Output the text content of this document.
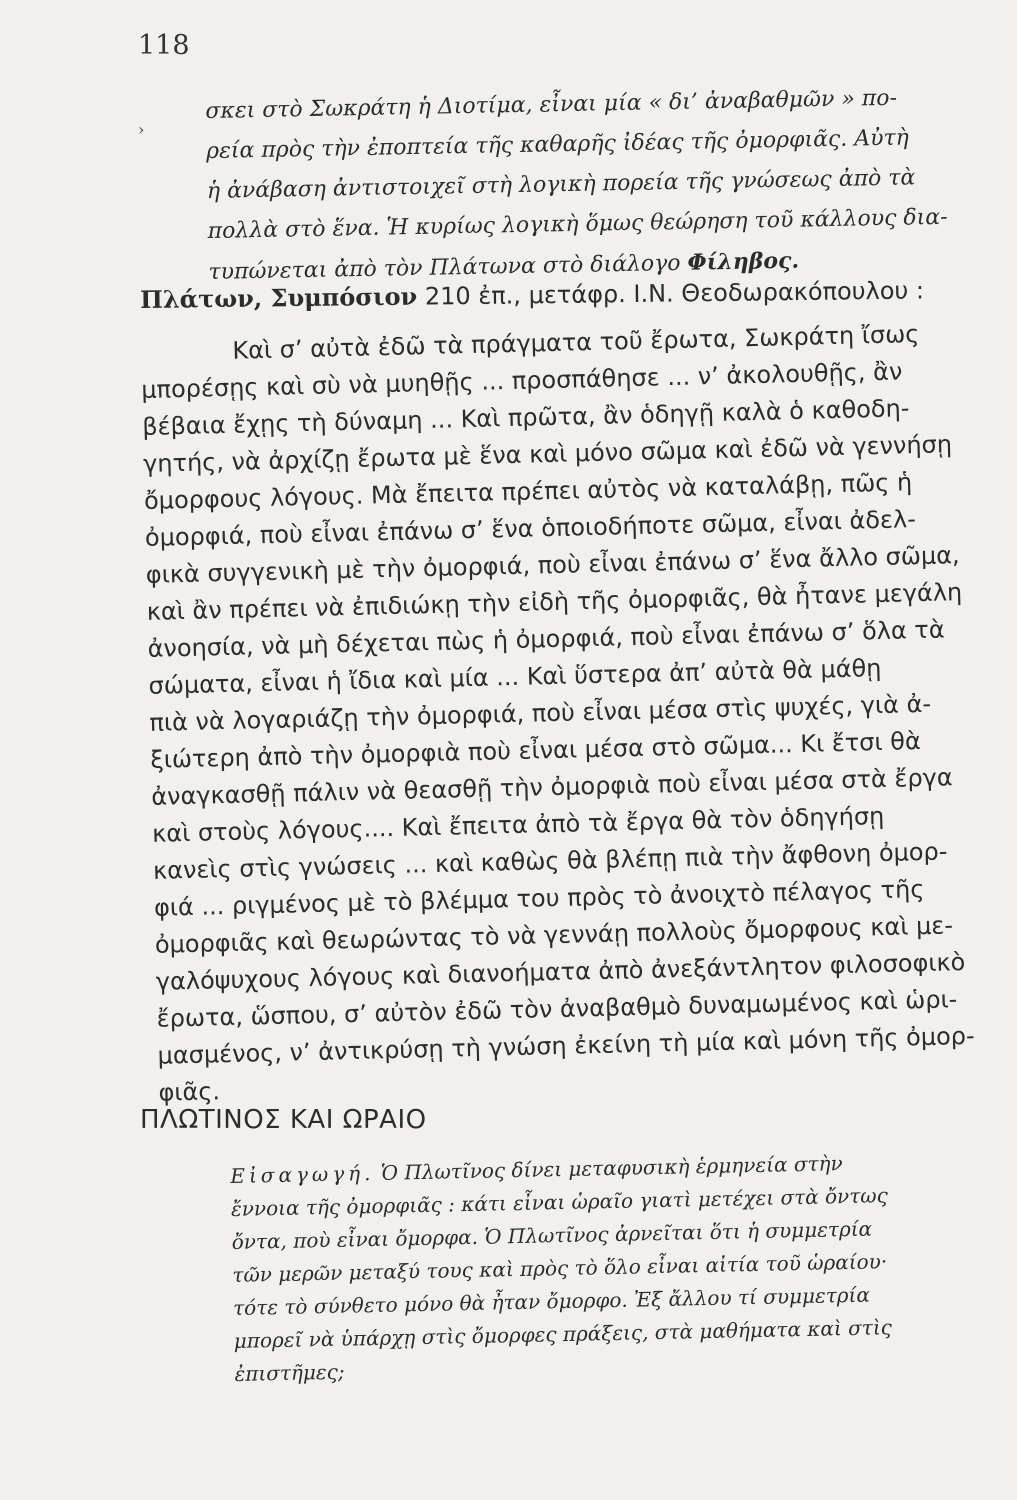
118
›
σκει στὸ Σωκράτη ἡ Διοτίμα, εἶναι μία « δι’ ἀναβαθμῶν » πο-
ρεία πρὸς τὴν ἐποπτεία τῆς καθαρῆς ἰδέας τῆς ὀμορφιᾶς. Αὐτὴ
ἡ ἀνάβαση ἀντιστοιχεῖ στὴ λογικὴ πορεία τῆς γνώσεως ἀπὸ τὰ
πολλὰ στὸ ἕνα. Ἡ κυρίως λογικὴ ὅμως θεώρηση τοῦ κάλλους δια-
τυπώνεται ἀπὸ τὸν Πλάτωνα στὸ διάλογο Φίληβος.
Πλάτων, Συμπόσιον 210 ἐπ., μετάφρ. Ι.Ν. Θεοδωρακόπουλου :
Καὶ σ’ αὐτὰ ἐδῶ τὰ πράγματα τοῦ ἔρωτα, Σωκράτη ἴσως
μπορέσῃς καὶ σὺ νὰ μυηθῇς ... προσπάθησε ... ν’ ἀκολουθῇς, ἂν
βέβαια ἔχῃς τὴ δύναμη ... Καὶ πρῶτα, ἂν ὁδηγῇ καλὰ ὁ καθοδη-
γητής, νὰ ἀρχίζῃ ἔρωτα μὲ ἕνα καὶ μόνο σῶμα καὶ ἐδῶ νὰ γεννήσῃ
ὄμορφους λόγους. Μὰ ἔπειτα πρέπει αὐτὸς νὰ καταλάβῃ, πῶς ἡ
ὀμορφιά, ποὺ εἶναι ἐπάνω σ’ ἕνα ὁποιοδήποτε σῶμα, εἶναι ἀδελ-
φικὰ συγγενικὴ μὲ τὴν ὀμορφιά, ποὺ εἶναι ἐπάνω σ’ ἕνα ἄλλο σῶμα,
καὶ ἂν πρέπει νὰ ἐπιδιώκῃ τὴν εἰδὴ τῆς ὀμορφιᾶς, θὰ ἦτανε μεγάλη
ἀνοησία, νὰ μὴ δέχεται πὼς ἡ ὀμορφιά, ποὺ εἶναι ἐπάνω σ’ ὅλα τὰ
σώματα, εἶναι ἡ ἴδια καὶ μία ... Καὶ ὕστερα ἀπ’ αὐτὰ θὰ μάθῃ
πιὰ νὰ λογαριάζῃ τὴν ὀμορφιά, ποὺ εἶναι μέσα στὶς ψυχές, γιὰ ἀ-
ξιώτερη ἀπὸ τὴν ὀμορφιὰ ποὺ εἶναι μέσα στὸ σῶμα... Κι ἔτσι θὰ
ἀναγκασθῇ πάλιν νὰ θεασθῇ τὴν ὀμορφιὰ ποὺ εἶναι μέσα στὰ ἔργα
καὶ στοὺς λόγους.... Καὶ ἔπειτα ἀπὸ τὰ ἔργα θὰ τὸν ὁδηγήσῃ
κανεὶς στὶς γνώσεις ... καὶ καθὼς θὰ βλέπῃ πιὰ τὴν ἄφθονη ὀμορ-
φιά ... ριγμένος μὲ τὸ βλέμμα του πρὸς τὸ ἀνοιχτὸ πέλαγος τῆς
ὀμορφιᾶς καὶ θεωρώντας τὸ νὰ γεννάῃ πολλοὺς ὄμορφους καὶ με-
γαλόψυχους λόγους καὶ διανοήματα ἀπὸ ἀνεξάντλητον φιλοσοφικὸ
ἔρωτα, ὥσπου, σ’ αὐτὸν ἐδῶ τὸν ἀναβαθμὸ δυναμωμένος καὶ ὡρι-
μασμένος, ν’ ἀντικρύσῃ τὴ γνώση ἐκείνη τὴ μία καὶ μόνη τῆς ὀμορ-
φιᾶς.
ΠΛΩΤΙΝΟΣ ΚΑΙ ΩΡΑΙΟ
Εἰσαγωγή. Ὁ Πλωτῖνος δίνει μεταφυσικὴ ἑρμηνεία στὴν
ἔννοια τῆς ὀμορφιᾶς : κάτι εἶναι ὡραῖο γιατὶ μετέχει στὰ ὄντως
ὄντα, ποὺ εἶναι ὄμορφα. Ὁ Πλωτῖνος ἀρνεῖται ὅτι ἡ συμμετρία
τῶν μερῶν μεταξύ τους καὶ πρὸς τὸ ὅλο εἶναι αἰτία τοῦ ὡραίου·
τότε τὸ σύνθετο μόνο θὰ ἦταν ὄμορφο. Ἐξ ἄλλου τί συμμετρία
μπορεῖ νὰ ὑπάρχῃ στὶς ὄμορφες πράξεις, στὰ μαθήματα καὶ στὶς
ἐπιστῆμες;
